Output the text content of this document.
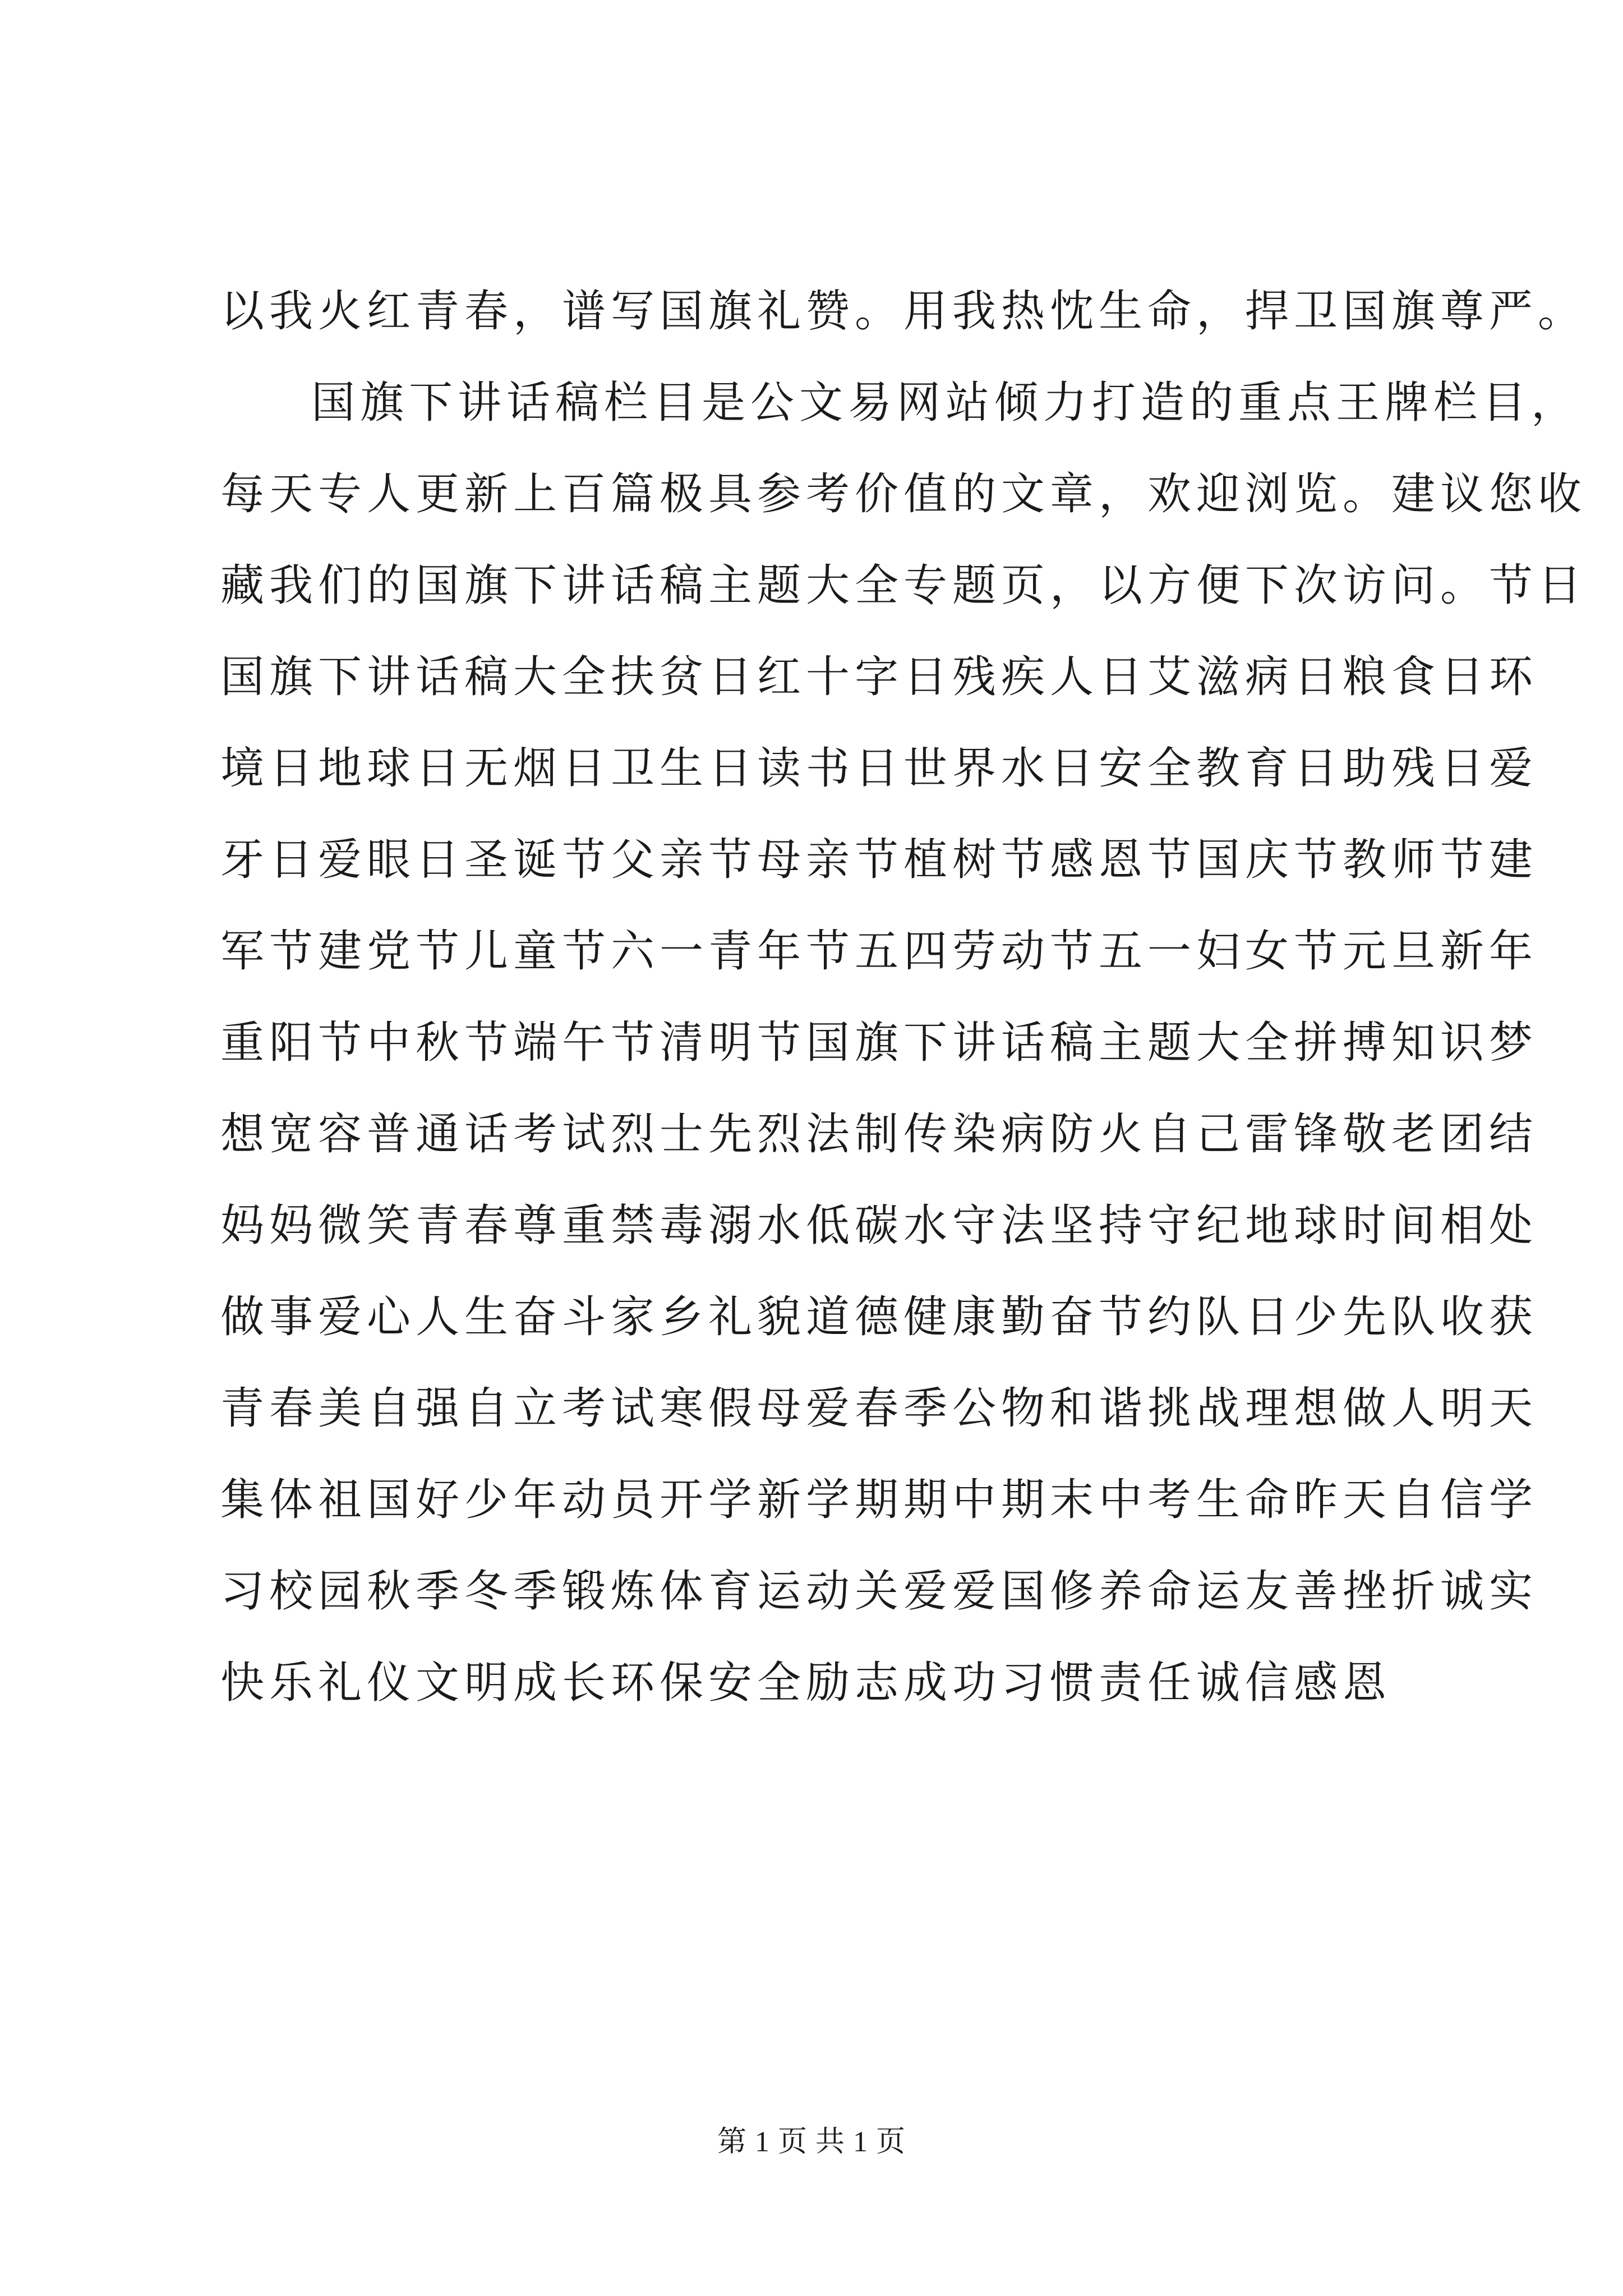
以我火红青春，谱写国旗礼赞。用我热忱生命，捍卫国旗尊严。
国旗下讲话稿栏目是公文易网站倾力打造的重点王牌栏目，
每天专人更新上百篇极具参考价值的文章，欢迎浏览。建议您收
藏我们的国旗下讲话稿主题大全专题页，以方便下次访问。节日
国旗下讲话稿大全扶贫日红十字日残疾人日艾滋病日粮食日环
境日地球日无烟日卫生日读书日世界水日安全教育日助残日爱
牙日爱眼日圣诞节父亲节母亲节植树节感恩节国庆节教师节建
军节建党节儿童节六一青年节五四劳动节五一妇女节元旦新年
重阳节中秋节端午节清明节国旗下讲话稿主题大全拼搏知识梦
想宽容普通话考试烈士先烈法制传染病防火自己雷锋敬老团结
妈妈微笑青春尊重禁毒溺水低碳水守法坚持守纪地球时间相处
做事爱心人生奋斗家乡礼貌道德健康勤奋节约队日少先队收获
青春美自强自立考试寒假母爱春季公物和谐挑战理想做人明天
集体祖国好少年动员开学新学期期中期末中考生命昨天自信学
习校园秋季冬季锻炼体育运动关爱爱国修养命运友善挫折诚实
快乐礼仪文明成长环保安全励志成功习惯责任诚信感恩
第 1 页 共 1 页
